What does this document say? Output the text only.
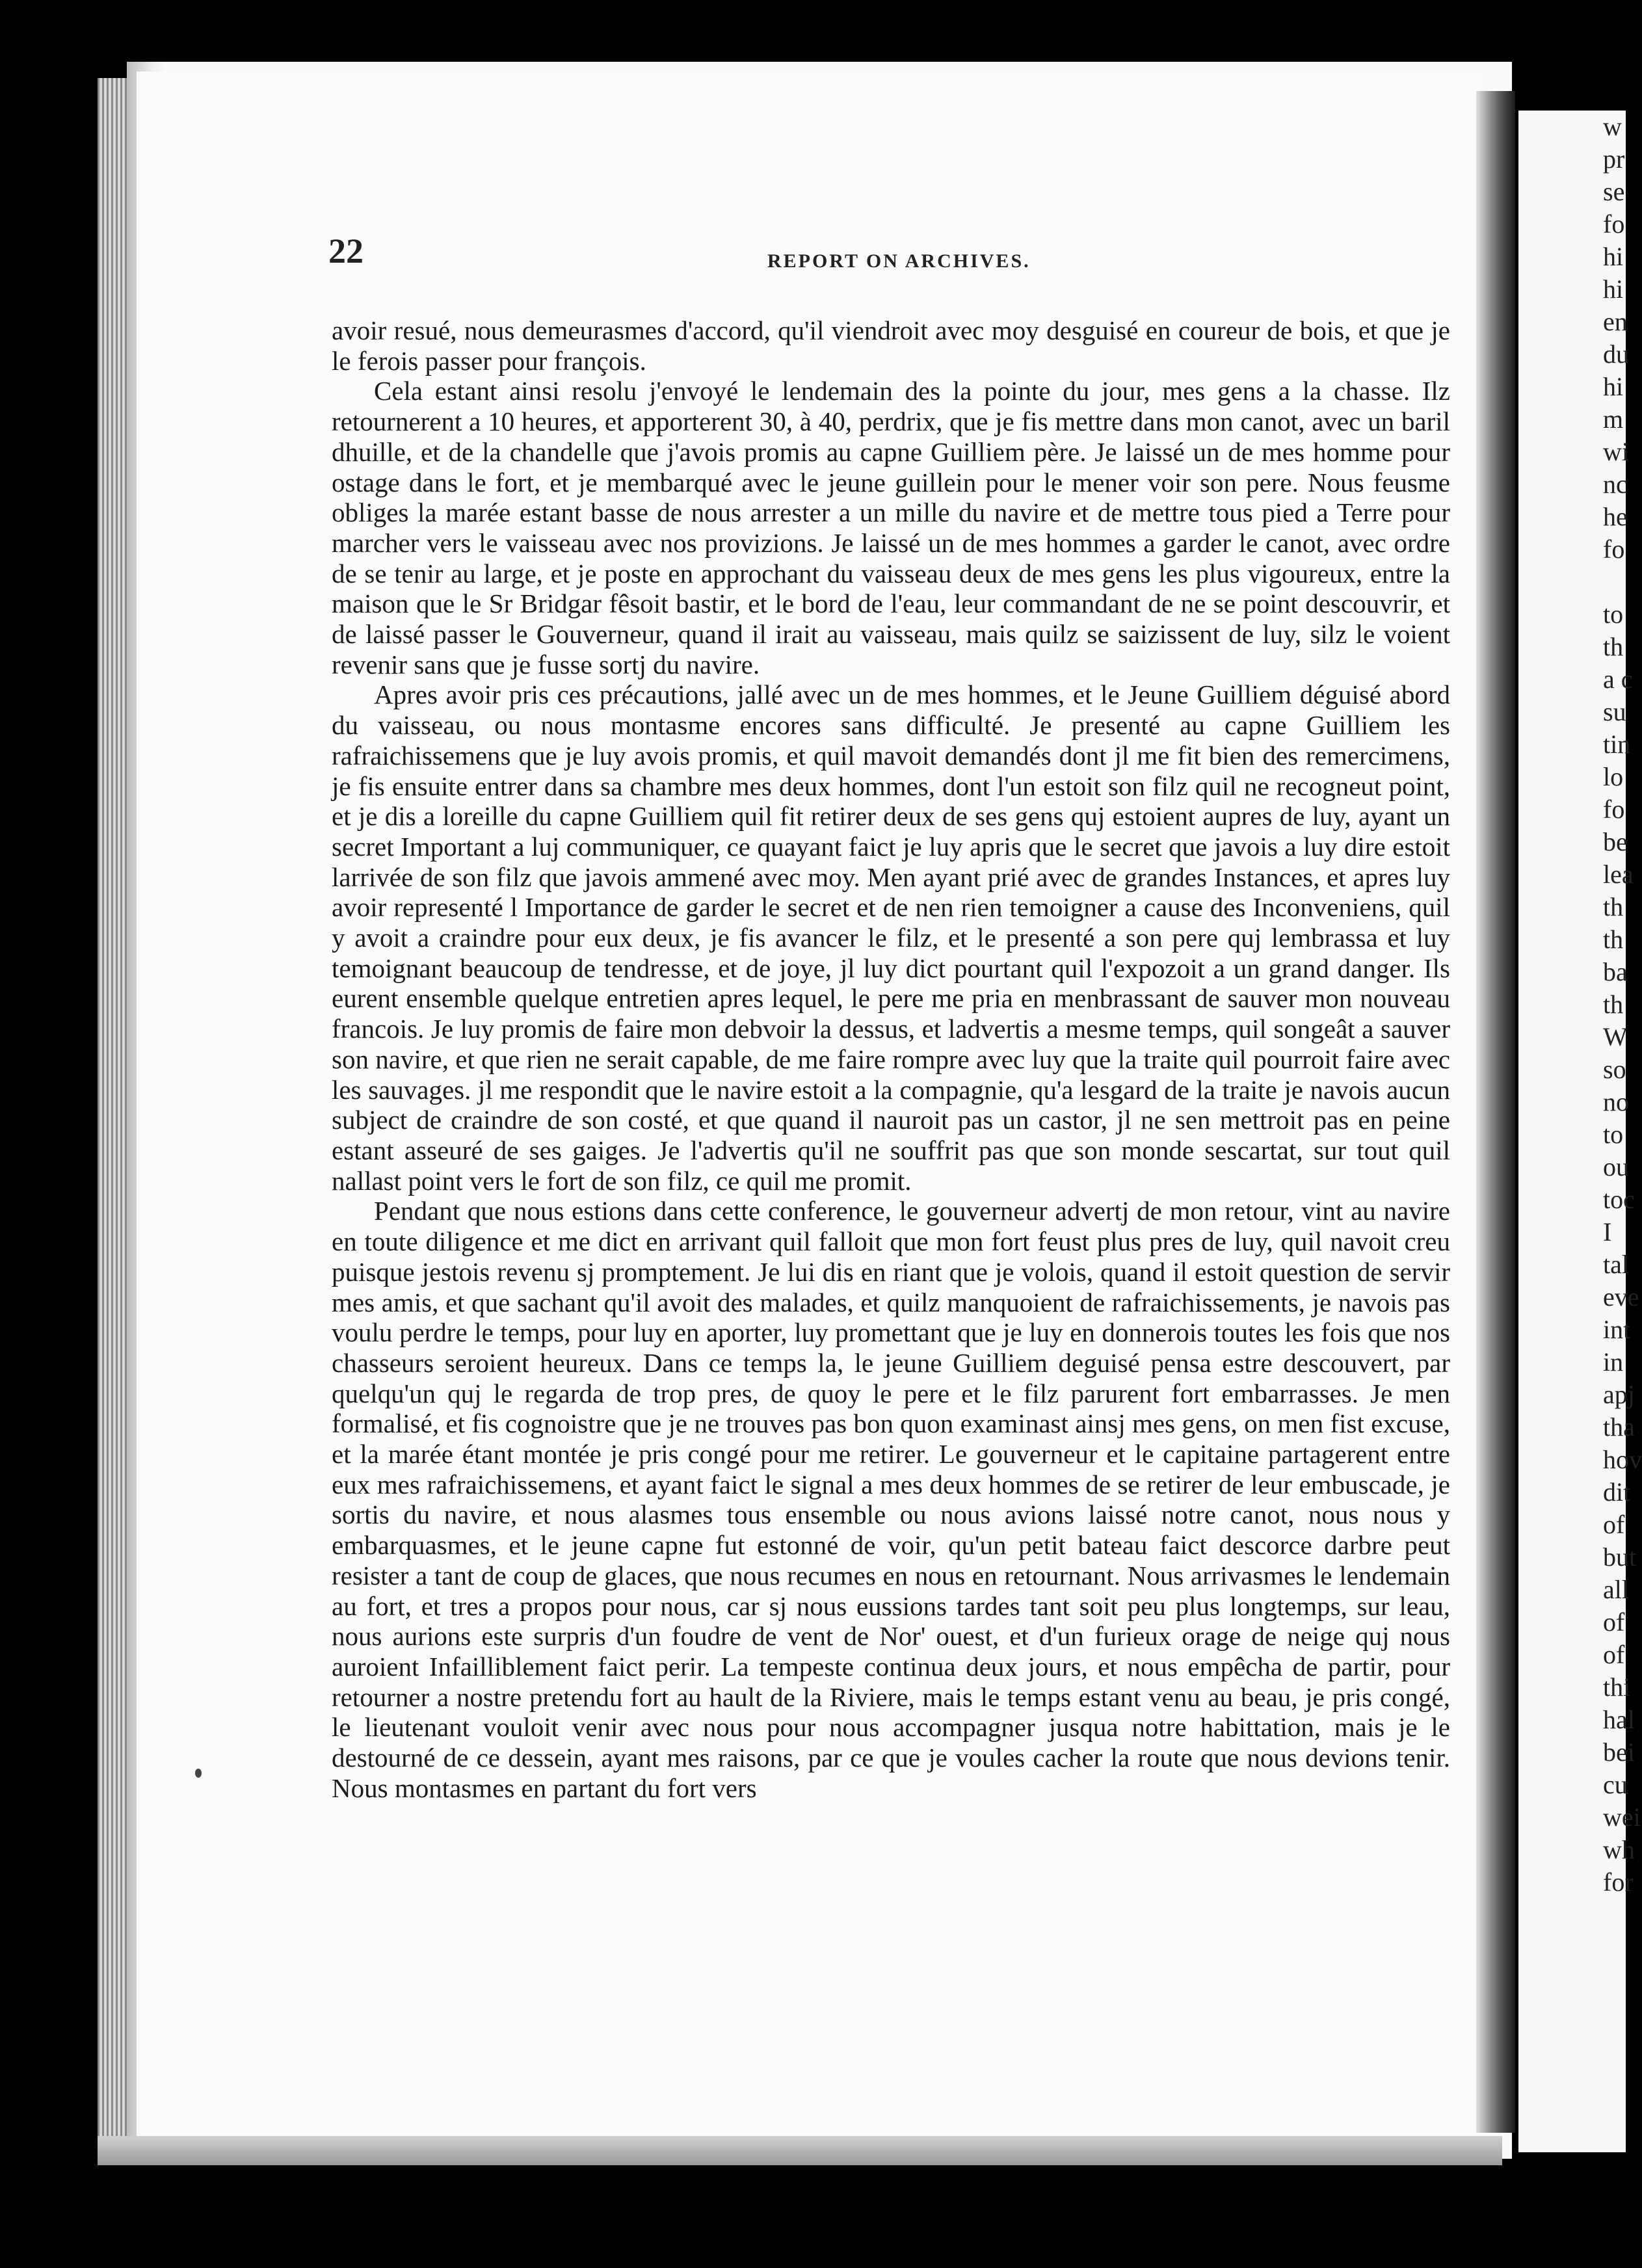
w
pr
se
fo
hi
hi
en
du
hi
m
wi
nc
he
fo

to
th
a c
su
tin
lo
fo
be
lea
th
th
ba
th
W
so
no
to
ou
toc
I
tal
eve
int
in
apj
tha
hov
dit
of
but
all
of
of
thi
hal
bei
cu
wei
wh
for
22	REPORT ON ARCHIVES.

avoir resué, nous demeurasmes d'accord, qu'il viendroit avec moy desguisé en coureur de bois, et que je le ferois passer pour françois.

Cela estant ainsi resolu j'envoyé le lendemain des la pointe du jour, mes gens a la chasse. Ilz retournerent a 10 heures, et apporterent 30, à 40, perdrix, que je fis mettre dans mon canot, avec un baril dhuille, et de la chandelle que j'avois promis au capne Guilliem père. Je laissé un de mes homme pour ostage dans le fort, et je membarqué avec le jeune guillein pour le mener voir son pere. Nous feusme obliges la marée estant basse de nous arrester a un mille du navire et de mettre tous pied a Terre pour marcher vers le vaisseau avec nos provizions. Je laissé un de mes hommes a garder le canot, avec ordre de se tenir au large, et je poste en approchant du vaisseau deux de mes gens les plus vigoureux, entre la maison que le Sr Bridgar fêsoit bastir, et le bord de l'eau, leur commandant de ne se point descouvrir, et de laissé passer le Gouverneur, quand il irait au vaisseau, mais quilz se saizissent de luy, silz le voient revenir sans que je fusse sortj du navire.

Apres avoir pris ces précautions, jallé avec un de mes hommes, et le Jeune Guilliem déguisé abord du vaisseau, ou nous montasme encores sans difficulté. Je presenté au capne Guilliem les rafraichissemens que je luy avois promis, et quil mavoit demandés dont jl me fit bien des remercimens, je fis ensuite entrer dans sa chambre mes deux hommes, dont l'un estoit son filz quil ne recogneut point, et je dis a loreille du capne Guilliem quil fit retirer deux de ses gens quj estoient aupres de luy, ayant un secret Important a luj communiquer, ce quayant faict je luy apris que le secret que javois a luy dire estoit larrivée de son filz que javois ammené avec moy. Men ayant prié avec de grandes Instances, et apres luy avoir representé l Importance de garder le secret et de nen rien temoigner a cause des Inconveniens, quil y avoit a craindre pour eux deux, je fis avancer le filz, et le presenté a son pere quj lembrassa et luy temoignant beaucoup de tendresse, et de joye, jl luy dict pourtant quil l'expozoit a un grand danger. Ils eurent ensemble quelque entretien apres lequel, le pere me pria en menbrassant de sauver mon nouveau francois. Je luy promis de faire mon debvoir la dessus, et ladvertis a mesme temps, quil songeât a sauver son navire, et que rien ne serait capable, de me faire rompre avec luy que la traite quil pourroit faire avec les sauvages. jl me respondit que le navire estoit a la compagnie, qu'a lesgard de la traite je navois aucun subject de craindre de son costé, et que quand il nauroit pas un castor, jl ne sen mettroit pas en peine estant asseuré de ses gaiges. Je l'advertis qu'il ne souffrit pas que son monde sescartat, sur tout quil nallast point vers le fort de son filz, ce quil me promit.

Pendant que nous estions dans cette conference, le gouverneur advertj de mon retour, vint au navire en toute diligence et me dict en arrivant quil falloit que mon fort feust plus pres de luy, quil navoit creu puisque jestois revenu sj promptement. Je lui dis en riant que je volois, quand il estoit question de servir mes amis, et que sachant qu'il avoit des malades, et quilz manquoient de rafraichissements, je navois pas voulu perdre le temps, pour luy en aporter, luy promettant que je luy en donnerois toutes les fois que nos chasseurs seroient heureux. Dans ce temps la, le jeune Guilliem deguisé pensa estre descouvert, par quelqu'un quj le regarda de trop pres, de quoy le pere et le filz parurent fort embarrasses. Je men formalisé, et fis cognoistre que je ne trouves pas bon quon examinast ainsj mes gens, on men fist excuse, et la marée étant montée je pris congé pour me retirer. Le gouverneur et le capitaine partagerent entre eux mes rafraichissemens, et ayant faict le signal a mes deux hommes de se retirer de leur embuscade, je sortis du navire, et nous alasmes tous ensemble ou nous avions laissé notre canot, nous nous y embarquasmes, et le jeune capne fut estonné de voir, qu'un petit bateau faict descorce darbre peut resister a tant de coup de glaces, que nous recumes en nous en retournant. Nous arrivasmes le lendemain au fort, et tres a propos pour nous, car sj nous eussions tardes tant soit peu plus longtemps, sur leau, nous aurions este surpris d'un foudre de vent de Nor' ouest, et d'un furieux orage de neige quj nous auroient Infailliblement faict perir. La tempeste continua deux jours, et nous empêcha de partir, pour retourner a nostre pretendu fort au hault de la Riviere, mais le temps estant venu au beau, je pris congé, le lieutenant vouloit venir avec nous pour nous accompagner jusqua notre habittation, mais je le destourné de ce dessein, ayant mes raisons, par ce que je voules cacher la route que nous devions tenir. Nous montasmes en partant du fort vers
